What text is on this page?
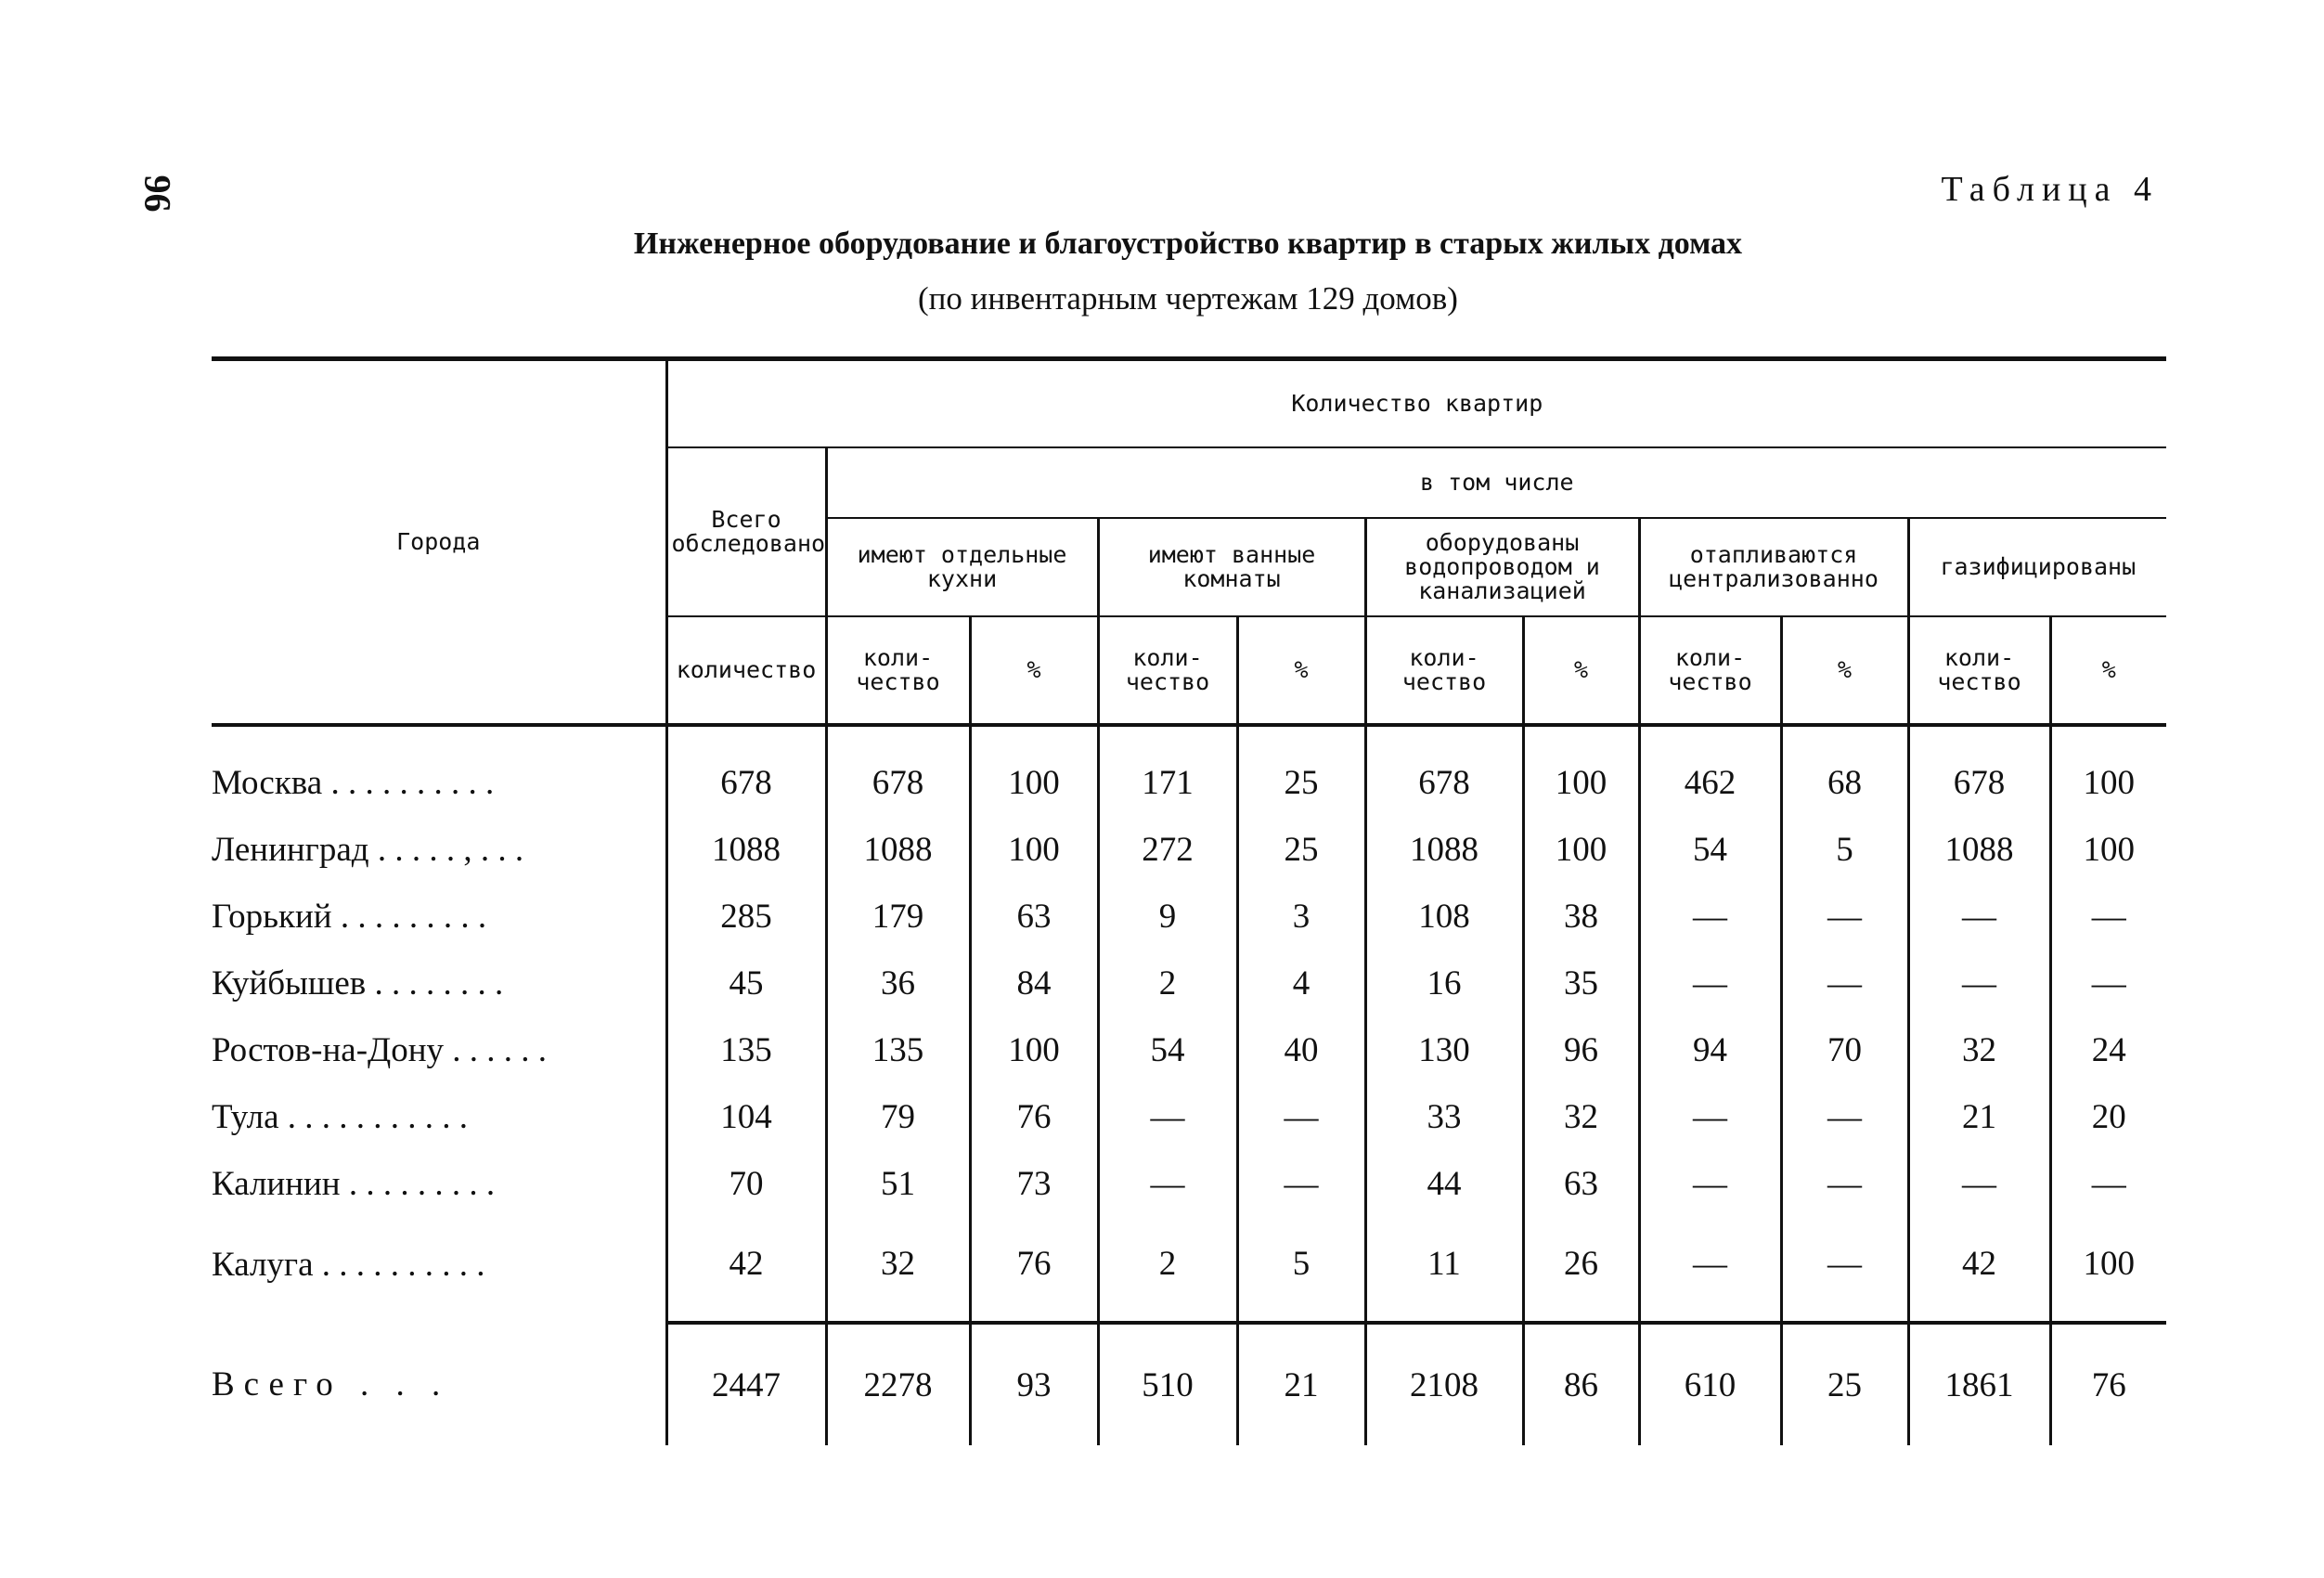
96	Таблица 4
Инженерное оборудование и благоустройство квартир в старых жилых домах
(по инвентарным чертежам 129 домов)
Города	Количество квартир										
	Всего обследовано	в том числе									
		имеют отдельные кухни		имеют ванные комнаты		оборудованы водопроводом и канализацией		отапливаются централизованно		газифицированы	
	количество	коли-чество	%	коли-чество	%	коли-чество	%	коли-чество	%	коли-чество	%
Москва . . . . . . . . . .	678	678	100	171	25	678	100	462	68	678	100
Ленинград . . . . . , . . .	1088	1088	100	272	25	1088	100	54	5	1088	100
Горький . . . . . . . . .	285	179	63	9	3	108	38	—	—	—	—
Куйбышев . . . . . . . .	45	36	84	2	4	16	35	—	—	—	—
Ростов-на-Дону . . . . . .	135	135	100	54	40	130	96	94	70	32	24
Тула . . . . . . . . . . .	104	79	76	—	—	33	32	—	—	21	20
Калинин . . . . . . . . .	70	51	73	—	—	44	63	—	—	—	—
Калуга . . . . . . . . . .	42	32	76	2	5	11	26	—	—	42	100
Всего . . .	2447	2278	93	510	21	2108	86	610	25	1861	76
